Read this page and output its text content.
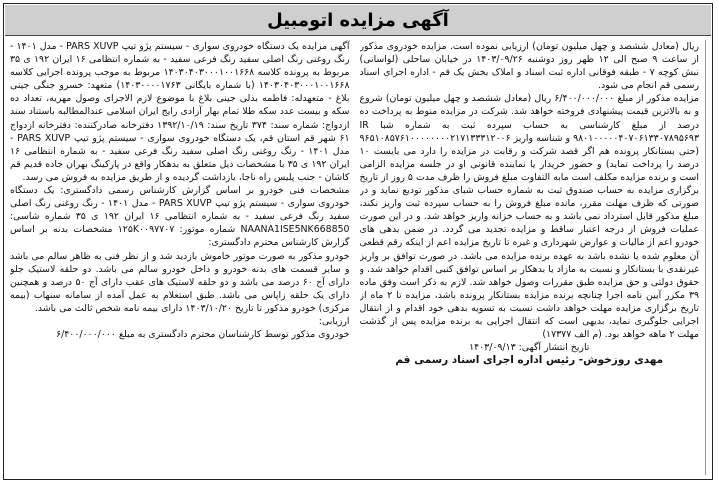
آگهی مزایده اتومبیل

آگهی مزایده یک دستگاه خودروی سواری - سیستم پژو تیپ PARS XUVP - مدل ۱۴۰۱ - رنگ روغنی رنگ اصلی سفید رنگ فرعی سفید - به شماره انتظامی ۱۶ ایران ۱۹۲ ی ۳۵ مربوط به پرونده کلاسه ۱۴۰۳۰۴۰۳۰۰۰۱۰۰۱۶۶۸ مربوط به موجب پرونده اجرایی کلاسه ۱۴۰۳۰۴۰۳۰۰۰۱۰۰۱۶۶۸ (با شماره بایگانی ۱۴۰۳۰۰۰۰۱۷۶۳) متعهد: خسرو جنگی جینی بلاغ - متعهدله: فاطمه بذلی جینی بلاغ با موضوع لازم الاجرای وصول مهریه، تعداد ده سکه و بیست عدد سکه طلا تمام بهار آزادی رایج ایران اسلامی عندالمطالبه باستناد سند ازدواج: شماره سند: ۳۷۴ تاریخ سند: ۱۳۹۲/۱۰/۱۹ دفترخانه صادرکننده: دفترخانه ازدواج ۶۱ شهر قم استان قم، یک دستگاه خودروی سواری - سیستم پژو تیپ PARS XUVP - مدل ۱۴۰۱ - رنگ روغنی رنگ اصلی سفید رنگ فرعی سفید - به شماره انتظامی ۱۶ ایران ۱۹۲ ی ۳۵ با مشخصات ذیل متعلق به بدهکار واقع در پارکینگ بهران جاده قدیم قم کاشان - جنب پلیس راه ناجا، بازداشت گردیده و از طریق مزایده به فروش می رسد.

مشخصات فنی خودرو بر اساس گزارش کارشناس رسمی دادگستری: یک دستگاه خودروی سواری - سیستم پژو تیپ PARS XUVP - مدل ۱۴۰۱ - رنگ روغنی رنگ اصلی سفید رنگ فرعی سفید - به شماره انتظامی ۱۶ ایران ۱۹۲ ی ۳۵ شماره شاسی: NAANA1ISE5NK668850 شماره موتور: ۱۲۵K۰۰۹۷۷۰۷ مشخصات بدنه بر اساس گزارش کارشناس محترم دادگستری:

خودرو مذکور به صورت موتور خاموش بازدید شد و از نظر فنی به ظاهر سالم می باشد و سایر قسمت های بدنه خودرو و داخل خودرو سالم می باشد. دو حلقه لاستیک جلو دارای آج ۶۰ درصد می باشد و دو حلقه لاستیک های عقب دارای آج ۵۰ درصد و همچنین دارای یک حلقه زاپاس می باشد. طبق استعلام به عمل آمده از سامانه سنهاب (بیمه مرکزی) خودرو مذکور تا تاریخ ۱۴۰۳/۱۰/۲۰ دارای بیمه نامه شخص ثالث می باشد.

ارزیابی:

خودروی مذکور توسط کارشناسان محترم دادگستری به مبلغ ۶/۴۰۰/۰۰۰/۰۰۰

ریال (معادل ششصد و چهل میلیون تومان) ارزیابی نموده است. مزایده خودروی مذکور از ساعت ۹ صبح الی ۱۲ ظهر روز دوشنبه ۱۴۰۳/۰۹/۲۶ در خیابان ساحلی (لواسانی) نبش کوچه ۷ - طبقه فوقانی اداره ثبت اسناد و املاک بخش یک قم - اداره اجرای اسناد رسمی قم انجام می شود.

مزایده مذکور از مبلغ ۶/۴۰۰/۰۰۰/۰۰۰ ریال (معادل ششصد و چهل میلیون تومان) شروع و به بالاترین قیمت پیشنهادی فروخته خواهد شد. شرکت در مزایده منوط به پرداخت ده درصد از مبلغ کارشناسی به حساب سپرده ثبت به شماره شبا IR ۹۸۰۱۰۰۰۰۰۴۰۷۰۶۱۳۳۰۷۸۹۵۶۹۳ و شناسه واریز ۹۶۵۱۰۸۵۷۶۱۰۰۰۰۰۰۰۰۲۱۷۱۳۳۳۱۲۰۰۶ (حتی بستانکار پرونده هم اگر قصد شرکت و رقابت در مزایده را دارد می بایست ۱۰ درصد را پرداخت نماید) و حضور خریدار یا نماینده قانونی او در جلسه مزایده الزامی است و برنده مزایده مکلف است مابه التفاوت مبلغ فروش را ظرف مدت ۵ روز از تاریخ برگزاری مزایده به حساب صندوق ثبت به شماره حساب شبای مذکور تودیع نماید و در صورتی که ظرف مهلت مقرر، مانده مبلغ فروش را به حساب سپرده ثبت واریز نکند، مبلغ مذکور قابل استرداد نمی باشد و به حساب خزانه واریز خواهد شد. و در این صورت عملیات فروش از درجه اعتبار ساقط و مزایده تجدید می گردد. در ضمن بدهی های خودرو اعم از مالیات و عوارض شهرداری و غیره تا تاریخ مزایده اعم از اینکه رقم قطعی آن معلوم شده یا نشده باشد به عهده برنده مزایده می باشد. در صورت توافق بر واریز غیرنقدی با بستانکار و نسبت به مازاد یا بدهکار بر اساس توافق کتبی اقدام خواهد شد. و حقوق دولتی و حق مزایده طبق مقررات وصول خواهد شد. لازم به ذکر است وفق ماده ۳۹ مکرر آیین نامه اجرا چنانچه برنده مزایده بستانکار پرونده باشد، مزایده تا ۲ ماه از تاریخ برگزاری مزایده مهلت خواهد داشت نسبت به تسویه بدهی خود اقدام و از انتقال اجرایی جلوگیری نماید، بدیهی است که انتقال اجرایی به برنده مزایده پس از گذشت مهلت ۲ ماهه خواهد بود. (م الف ۱۷۳۷۷)

تاریخ انتشار آگهی: ۱۴۰۳/۰۹/۱۳

مهدی روزخوش- رئیس اداره اجرای اسناد رسمی قم
